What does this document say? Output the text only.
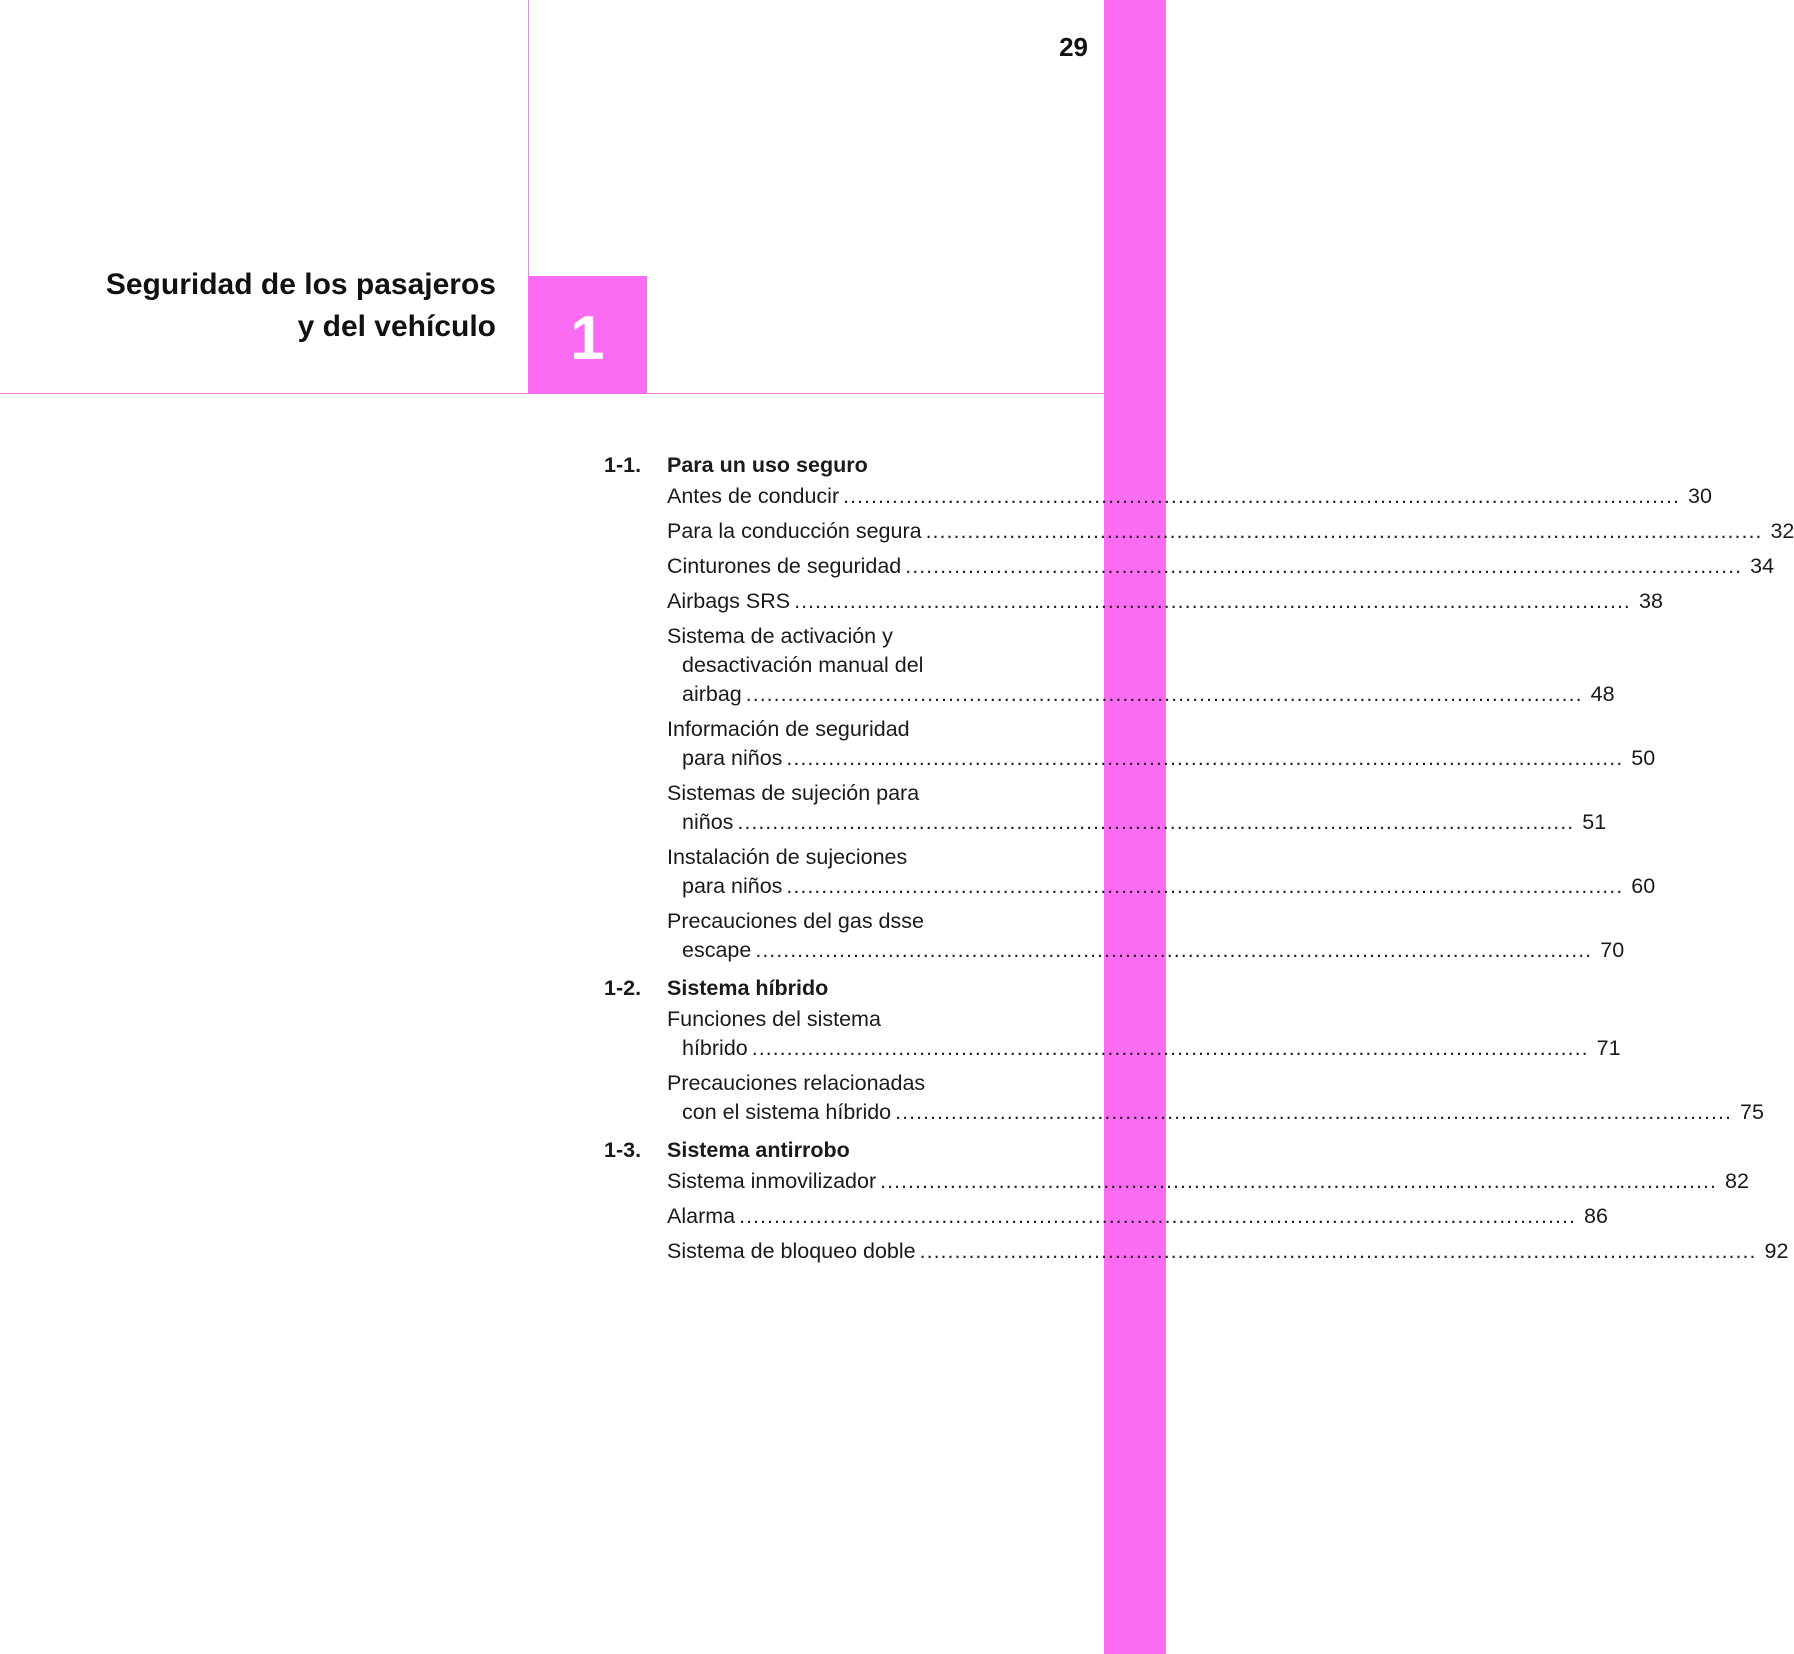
29
Seguridad de los pasajeros
y del vehículo	1
1-1.	Para un uso seguro
Antes de conducir ........................................................................................................................ 30
Para la conducción segura ........................................................................................................................ 32
Cinturones de seguridad ........................................................................................................................ 34
Airbags SRS ........................................................................................................................ 38
Sistema de activación y
desactivación manual del
airbag ........................................................................................................................ 48
Información de seguridad
para niños ........................................................................................................................ 50
Sistemas de sujeción para
niños ........................................................................................................................ 51
Instalación de sujeciones
para niños ........................................................................................................................ 60
Precauciones del gas dsse
escape ........................................................................................................................ 70
1-2.	Sistema híbrido
Funciones del sistema
híbrido ........................................................................................................................ 71
Precauciones relacionadas
con el sistema híbrido ........................................................................................................................ 75
1-3.	Sistema antirrobo
Sistema inmovilizador ........................................................................................................................ 82
Alarma ........................................................................................................................ 86
Sistema de bloqueo doble ........................................................................................................................ 92
